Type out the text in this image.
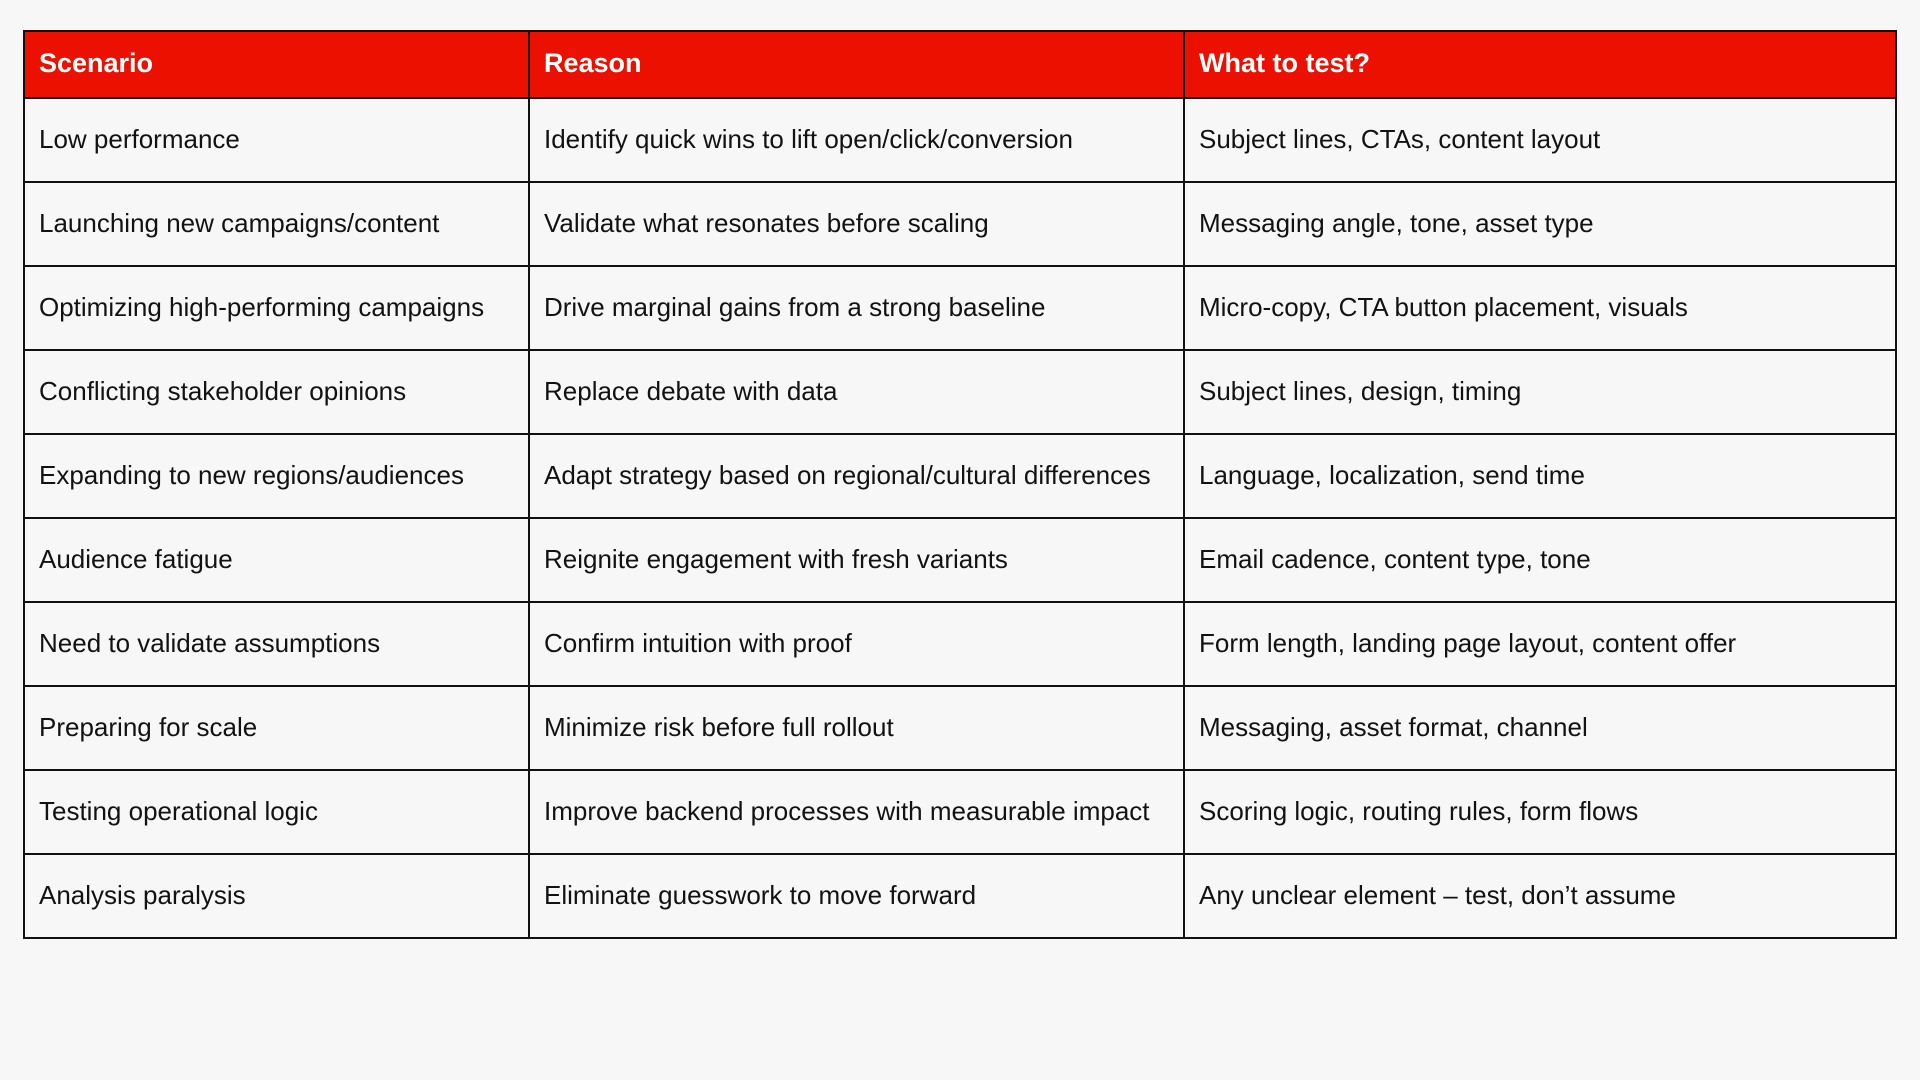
Scenario	Reason	What to test?
Low performance	Identify quick wins to lift open/click/conversion	Subject lines, CTAs, content layout
Launching new campaigns/content	Validate what resonates before scaling	Messaging angle, tone, asset type
Optimizing high-performing campaigns	Drive marginal gains from a strong baseline	Micro-copy, CTA button placement, visuals
Conflicting stakeholder opinions	Replace debate with data	Subject lines, design, timing
Expanding to new regions/audiences	Adapt strategy based on regional/cultural differences	Language, localization, send time
Audience fatigue	Reignite engagement with fresh variants	Email cadence, content type, tone
Need to validate assumptions	Confirm intuition with proof	Form length, landing page layout, content offer
Preparing for scale	Minimize risk before full rollout	Messaging, asset format, channel
Testing operational logic	Improve backend processes with measurable impact	Scoring logic, routing rules, form flows
Analysis paralysis	Eliminate guesswork to move forward	Any unclear element – test, don’t assume
